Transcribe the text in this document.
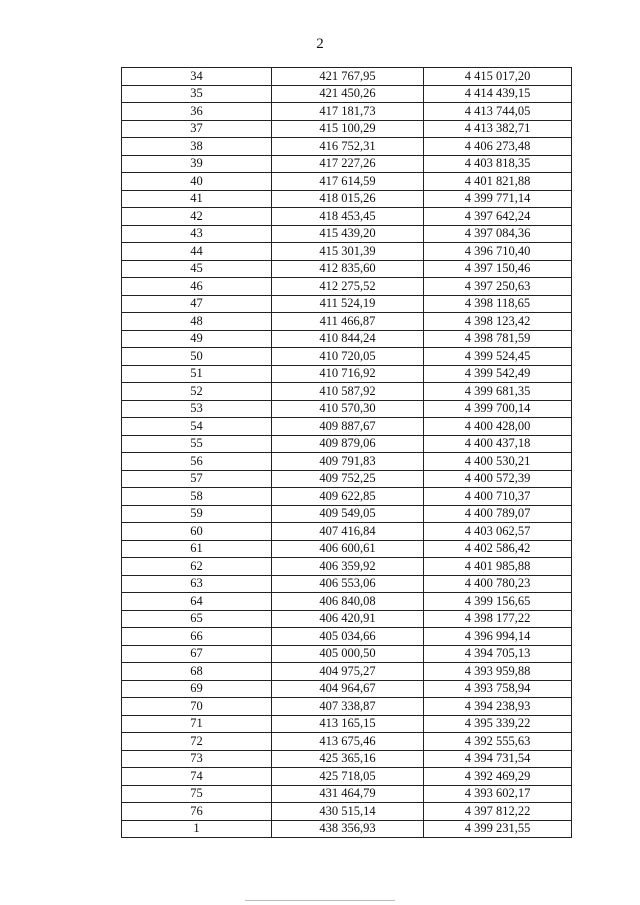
2
34	421 767,95	4 415 017,20
35	421 450,26	4 414 439,15
36	417 181,73	4 413 744,05
37	415 100,29	4 413 382,71
38	416 752,31	4 406 273,48
39	417 227,26	4 403 818,35
40	417 614,59	4 401 821,88
41	418 015,26	4 399 771,14
42	418 453,45	4 397 642,24
43	415 439,20	4 397 084,36
44	415 301,39	4 396 710,40
45	412 835,60	4 397 150,46
46	412 275,52	4 397 250,63
47	411 524,19	4 398 118,65
48	411 466,87	4 398 123,42
49	410 844,24	4 398 781,59
50	410 720,05	4 399 524,45
51	410 716,92	4 399 542,49
52	410 587,92	4 399 681,35
53	410 570,30	4 399 700,14
54	409 887,67	4 400 428,00
55	409 879,06	4 400 437,18
56	409 791,83	4 400 530,21
57	409 752,25	4 400 572,39
58	409 622,85	4 400 710,37
59	409 549,05	4 400 789,07
60	407 416,84	4 403 062,57
61	406 600,61	4 402 586,42
62	406 359,92	4 401 985,88
63	406 553,06	4 400 780,23
64	406 840,08	4 399 156,65
65	406 420,91	4 398 177,22
66	405 034,66	4 396 994,14
67	405 000,50	4 394 705,13
68	404 975,27	4 393 959,88
69	404 964,67	4 393 758,94
70	407 338,87	4 394 238,93
71	413 165,15	4 395 339,22
72	413 675,46	4 392 555,63
73	425 365,16	4 394 731,54
74	425 718,05	4 392 469,29
75	431 464,79	4 393 602,17
76	430 515,14	4 397 812,22
1	438 356,93	4 399 231,55
